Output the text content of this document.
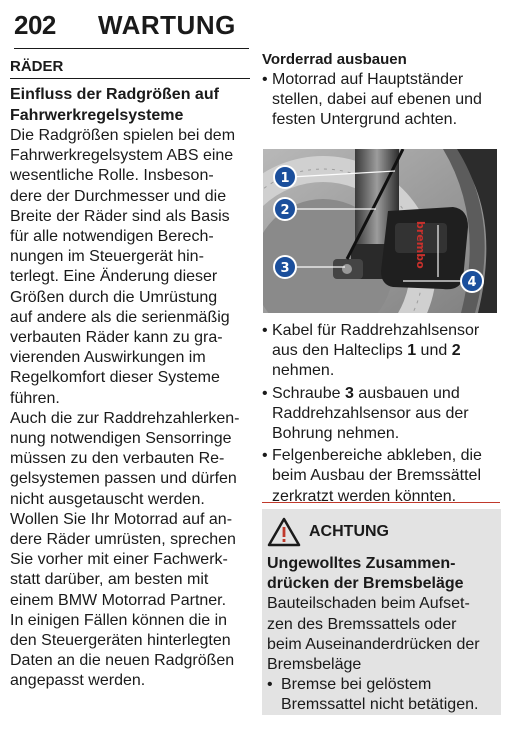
202 WARTUNG
RÄDER
Einfluss der Radgrößen auf
Fahrwerkregelsysteme
Die Radgrößen spielen bei dem
Fahrwerkregelsystem ABS eine
wesentliche Rolle. Insbeson-
dere der Durchmesser und die
Breite der Räder sind als Basis
für alle notwendigen Berech-
nungen im Steuergerät hin-
terlegt. Eine Änderung dieser
Größen durch die Umrüstung
auf andere als die serienmäßig
verbauten Räder kann zu gra-
vierenden Auswirkungen im
Regelkomfort dieser Systeme
führen.
Auch die zur Raddrehzahlerken-
nung notwendigen Sensorringe
müssen zu den verbauten Re-
gelsystemen passen und dürfen
nicht ausgetauscht werden.
Wollen Sie Ihr Motorrad auf an-
dere Räder umrüsten, sprechen
Sie vorher mit einer Fachwerk-
statt darüber, am besten mit
einem BMW Motorrad Partner.
In einigen Fällen können die in
den Steuergeräten hinterlegten
Daten an die neuen Radgrößen
angepasst werden.
Vorderrad ausbauen
• Motorrad auf Hauptständer
stellen, dabei auf ebenen und
festen Untergrund achten.
brembo
1
2
3
4
• Kabel für Raddrehzahlsensor
aus den Halteclips 1 und 2
nehmen.
• Schraube 3 ausbauen und
Raddrehzahlsensor aus der
Bohrung nehmen.
• Felgenbereiche abkleben, die
beim Ausbau der Bremssättel
zerkratzt werden könnten.
ACHTUNG
Ungewolltes Zusammen-
drücken der Bremsbeläge
Bauteilschaden beim Aufset-
zen des Bremssattels oder
beim Auseinanderdrücken der
Bremsbeläge
• Bremse bei gelöstem
Bremssattel nicht betätigen.
